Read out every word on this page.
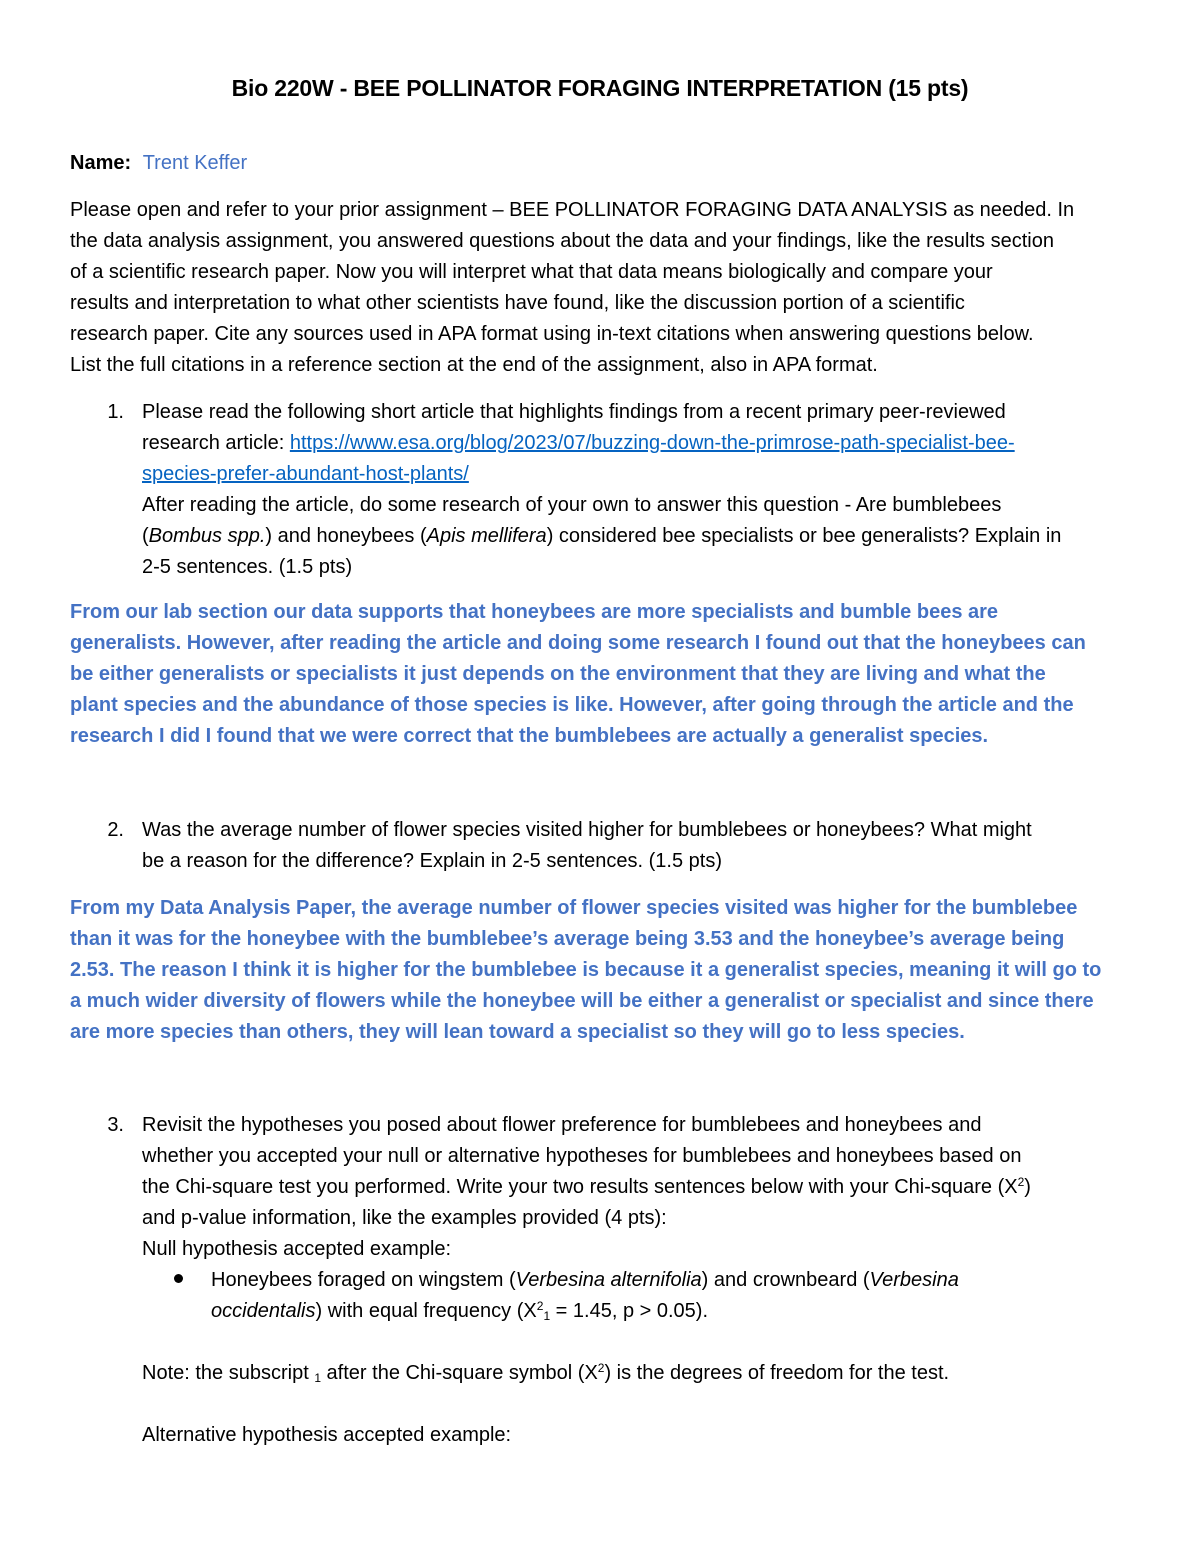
Bio 220W - BEE POLLINATOR FORAGING INTERPRETATION (15 pts)

Name: Trent Keffer

Please open and refer to your prior assignment – BEE POLLINATOR FORAGING DATA ANALYSIS as needed. In

the data analysis assignment, you answered questions about the data and your findings, like the results section

of a scientific research paper. Now you will interpret what that data means biologically and compare your

results and interpretation to what other scientists have found, like the discussion portion of a scientific

research paper. Cite any sources used in APA format using in-text citations when answering questions below.

List the full citations in a reference section at the end of the assignment, also in APA format.

1. Please read the following short article that highlights findings from a recent primary peer-reviewed

research article: https://www.esa.org/blog/2023/07/buzzing-down-the-primrose-path-specialist-bee-

species-prefer-abundant-host-plants/

After reading the article, do some research of your own to answer this question - Are bumblebees

(Bombus spp.) and honeybees (Apis mellifera) considered bee specialists or bee generalists? Explain in

2-5 sentences. (1.5 pts)

From our lab section our data supports that honeybees are more specialists and bumble bees are

generalists. However, after reading the article and doing some research I found out that the honeybees can

be either generalists or specialists it just depends on the environment that they are living and what the

plant species and the abundance of those species is like. However, after going through the article and the

research I did I found that we were correct that the bumblebees are actually a generalist species.

2. Was the average number of flower species visited higher for bumblebees or honeybees? What might

be a reason for the difference? Explain in 2-5 sentences. (1.5 pts)

From my Data Analysis Paper, the average number of flower species visited was higher for the bumblebee

than it was for the honeybee with the bumblebee’s average being 3.53 and the honeybee’s average being

2.53. The reason I think it is higher for the bumblebee is because it a generalist species, meaning it will go to

a much wider diversity of flowers while the honeybee will be either a generalist or specialist and since there

are more species than others, they will lean toward a specialist so they will go to less species.

3. Revisit the hypotheses you posed about flower preference for bumblebees and honeybees and

whether you accepted your null or alternative hypotheses for bumblebees and honeybees based on

the Chi-square test you performed. Write your two results sentences below with your Chi-square $(X^2)$

and p-value information, like the examples provided (4 pts):

Null hypothesis accepted example:

Honeybees foraged on wingstem (Verbesina alternifolia) and crownbeard (Verbesina

occidentalis) with equal frequency ($X^2_1 = 1.45$, p > 0.05).

Note: the subscript $_1$ after the Chi-square symbol $(X^2)$ is the degrees of freedom for the test.

Alternative hypothesis accepted example:
